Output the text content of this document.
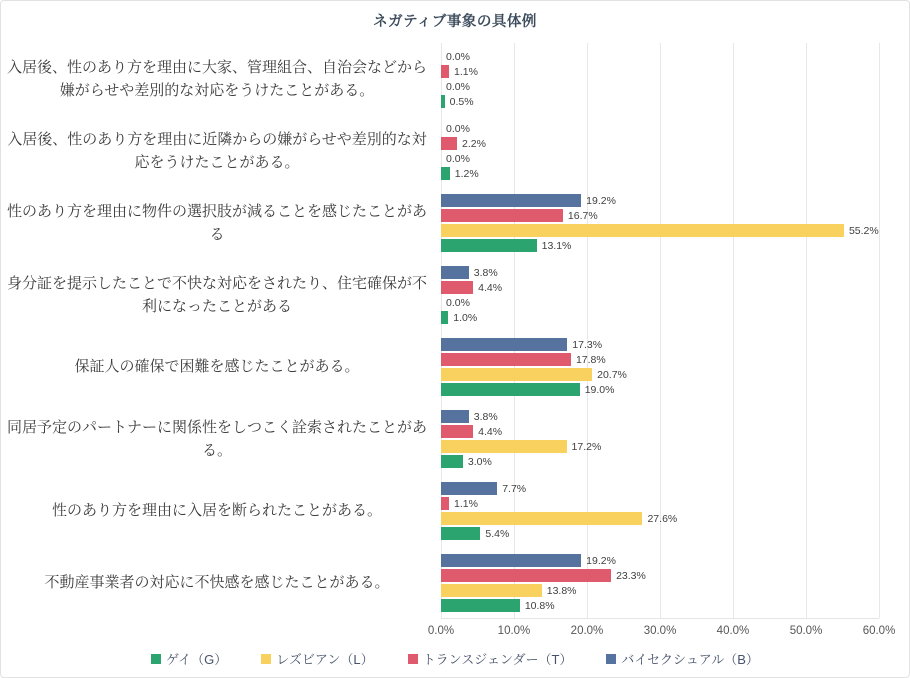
ネガティブ事象の具体例
入居後、性のあり方を理由に大家、管理組合、自治会などから嫌がらせや差別的な対応をうけたことがある。
入居後、性のあり方を理由に近隣からの嫌がらせや差別的な対応をうけたことがある。
性のあり方を理由に物件の選択肢が減ることを感じたことがある
身分証を提示したことで不快な対応をされたり、住宅確保が不利になったことがある
保証人の確保で困難を感じたことがある。
同居予定のパートナーに関係性をしつこく詮索されたことがある。
性のあり方を理由に入居を断られたことがある。
不動産事業者の対応に不快感を感じたことがある。
0.0%
1.1%
0.0%
0.5%
0.0%
2.2%
0.0%
1.2%
19.2%
16.7%
55.2%
13.1%
3.8%
4.4%
0.0%
1.0%
17.3%
17.8%
20.7%
19.0%
3.8%
4.4%
17.2%
3.0%
7.7%
1.1%
27.6%
5.4%
19.2%
23.3%
13.8%
10.8%
0.0%	10.0%	20.0%	30.0%	40.0%	50.0%	60.0%
ゲイ（G）	レズビアン（L）	トランスジェンダー（T）	バイセクシュアル（B）
